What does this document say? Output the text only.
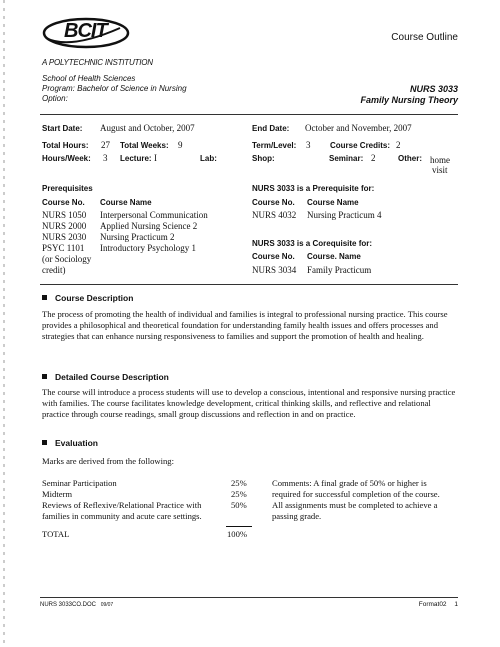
BCIT	Course Outline
A POLYTECHNIC INSTITUTION
School of Health Sciences
Program: Bachelor of Science in Nursing
Option:
NURS 3033
Family Nursing Theory
Start Date: August and October, 2007	End Date: October and November, 2007
Total Hours: 27 Total Weeks: 9	Term/Level: 3 Course Credits: 2
Hours/Week: 3 Lecture: I	Lab:	Shop:	Seminar: 2	Other: home
visit
Prerequisites
Course No. Course Name
NURS 1050 Interpersonal Communication
NURS 2000 Applied Nursing Science 2
NURS 2030 Nursing Practicum 2
PSYC 1101 Introductory Psychology 1
(or Sociology
credit)
NURS 3033 is a Prerequisite for:
Course No. Course Name
NURS 4032 Nursing Practicum 4
NURS 3033 is a Corequisite for:
Course No. Course. Name
NURS 3034 Family Practicum
Course Description
The process of promoting the health of individual and families is integral to professional nursing practice. This course provides a philosophical and theoretical foundation for understanding family health issues and offers processes and strategies that can enhance nursing responsiveness to families and support the promotion of health and healing.
Detailed Course Description
The course will introduce a process students will use to develop a conscious, intentional and responsive nursing practice with families. The course facilitates knowledge development, critical thinking skills, and reflective and relational practice through course readings, small group discussions and reflection in and on practice.
Evaluation
Marks are derived from the following:
Seminar Participation	25%
Midterm	25%
Reviews of Reflexive/Relational Practice with	50%
families in community and acute care settings.
TOTAL	100%
Comments: A final grade of 50% or higher is
required for successful completion of the course.
All assignments must be completed to achieve a
passing grade.
NURS 3033CO.DOC 09/07	Format02 1
